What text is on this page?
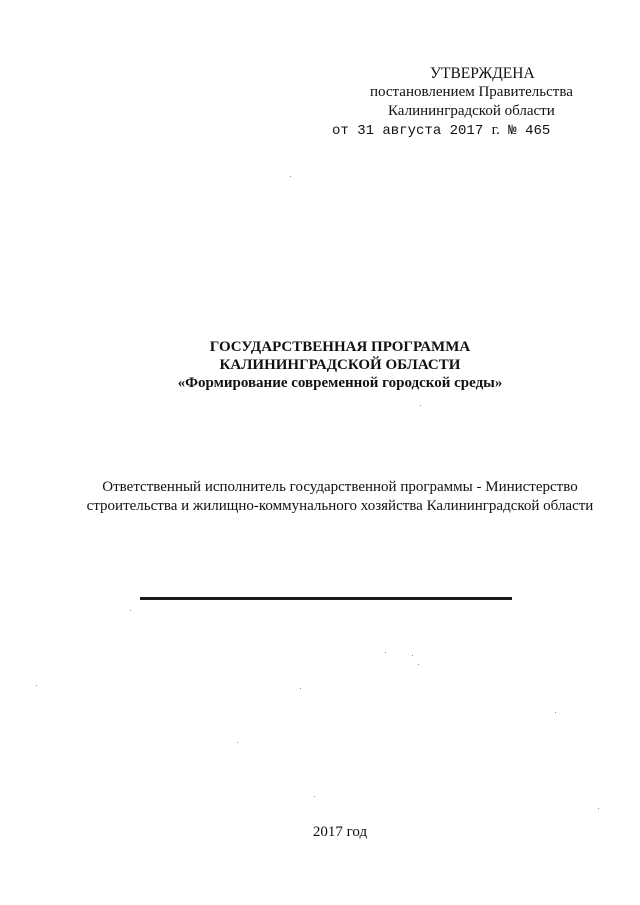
УТВЕРЖДЕНА
постановлением Правительства
Калининградской области
от 31 августа 2017 г. № 465
ГОСУДАРСТВЕННАЯ ПРОГРАММА
КАЛИНИНГРАДСКОЙ ОБЛАСТИ
«Формирование современной городской среды»
Ответственный исполнитель государственной программы - Министерство
строительства и жилищно-коммунального хозяйства Калининградской области
2017 год
